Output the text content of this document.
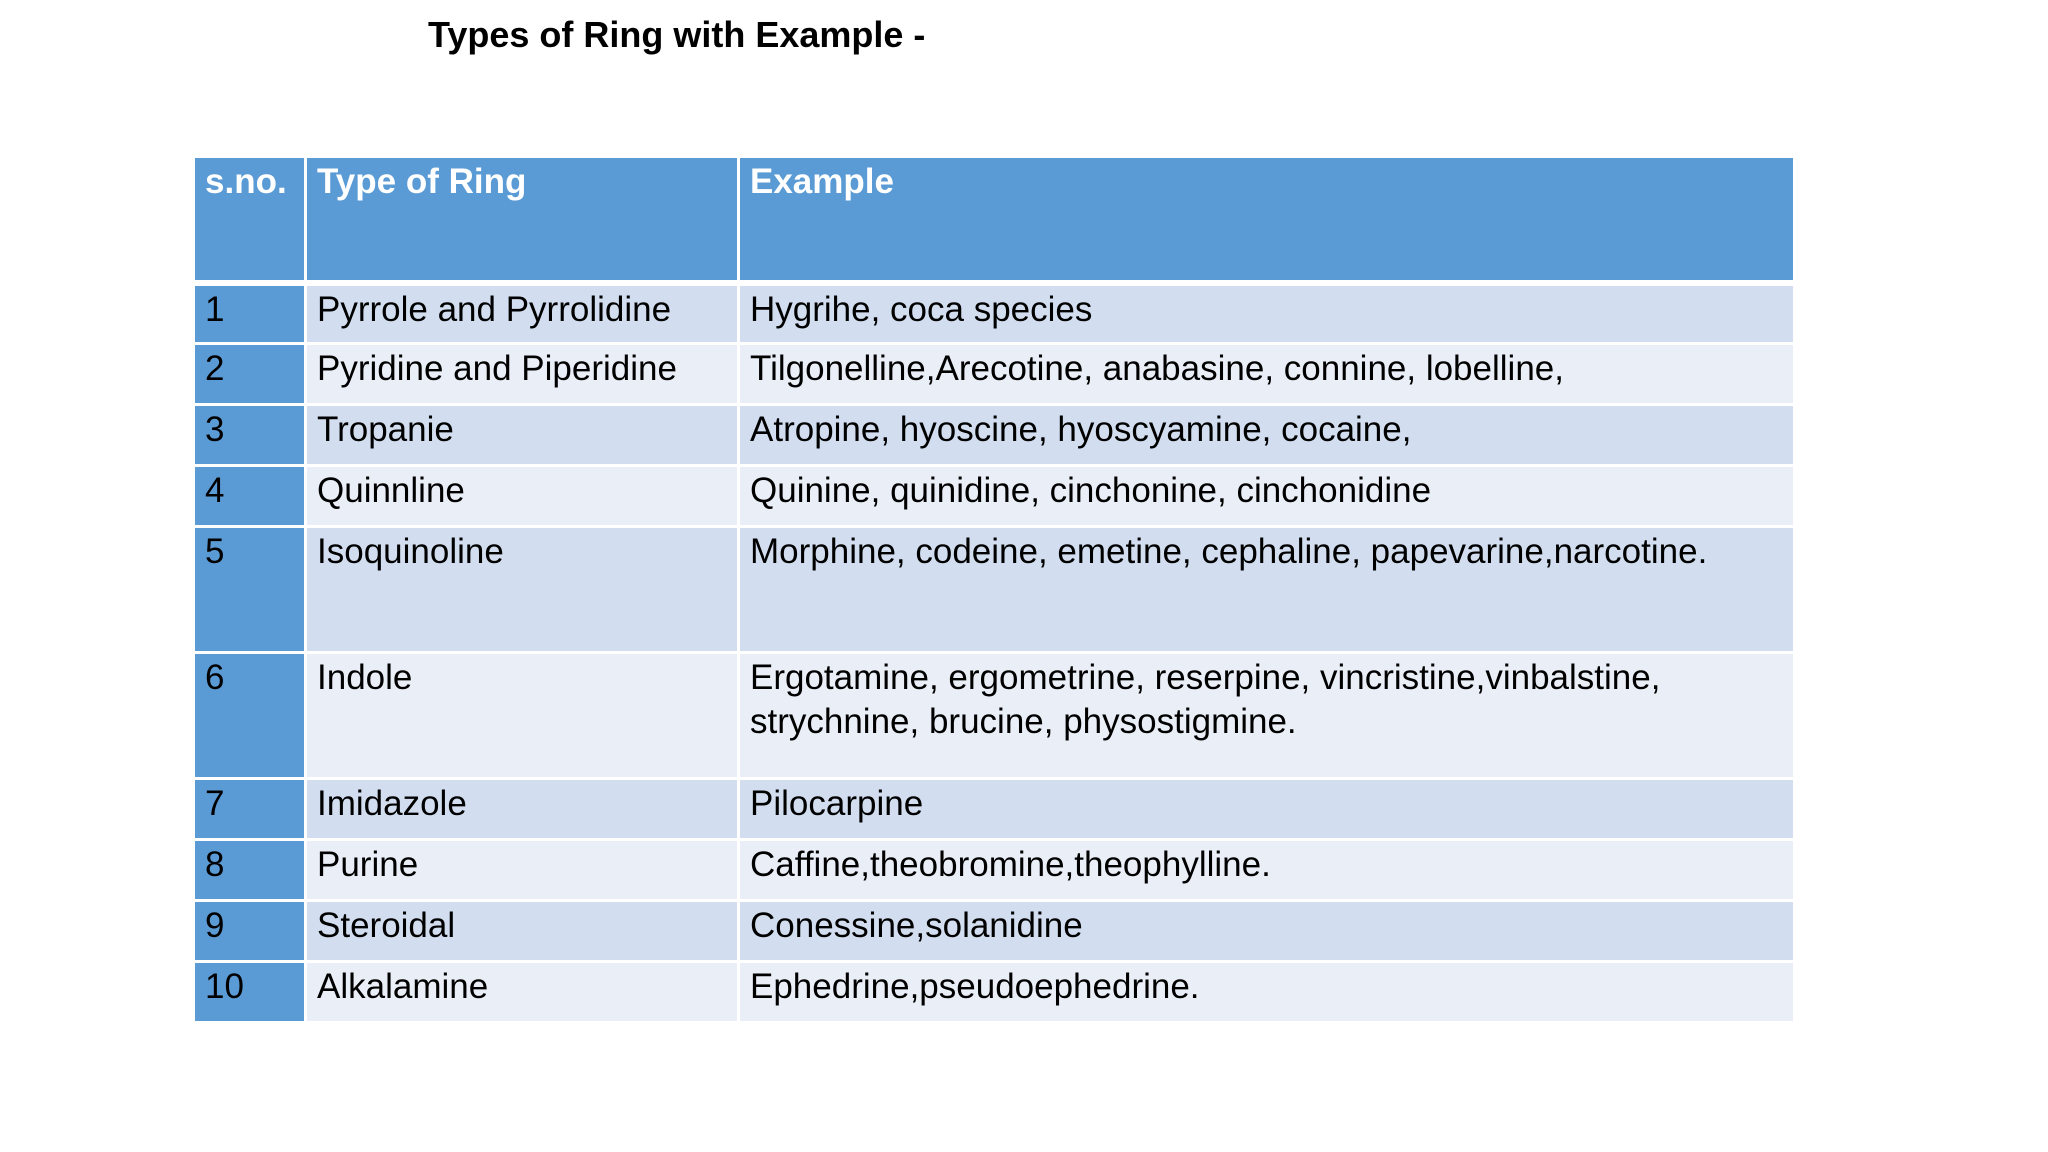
Types of Ring with Example -
s.no.	Type of Ring	Example
1	Pyrrole and Pyrrolidine	Hygrihe, coca species
2	Pyridine and Piperidine	Tilgonelline,Arecotine, anabasine, connine, lobelline,
3	Tropanie	Atropine, hyoscine, hyoscyamine, cocaine,
4	Quinnline	Quinine, quinidine, cinchonine, cinchonidine
5	Isoquinoline	Morphine, codeine, emetine, cephaline, papevarine,narcotine.
6	Indole	Ergotamine, ergometrine, reserpine, vincristine,vinbalstine, strychnine, brucine, physostigmine.
7	Imidazole	Pilocarpine
8	Purine	Caffine,theobromine,theophylline.
9	Steroidal	Conessine,solanidine
10	Alkalamine	Ephedrine,pseudoephedrine.
